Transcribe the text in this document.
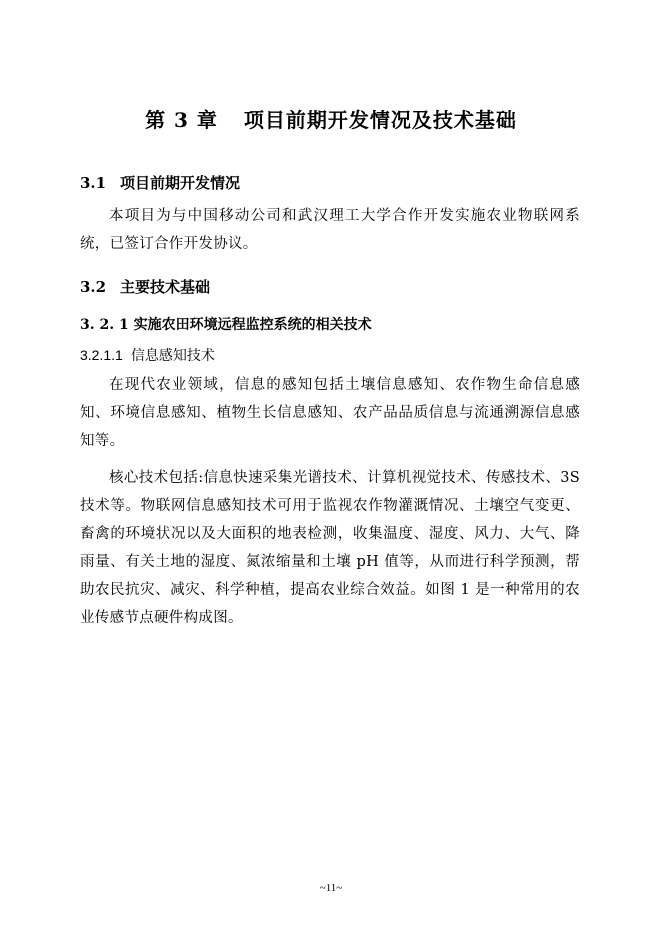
第 3 章 项目前期开发情况及技术基础
3.1 项目前期开发情况
本项目为与中国移动公司和武汉理工大学合作开发实施农业物联网系统，已签订合作开发协议。
3.2 主要技术基础
3. 2. 1 实施农田环境远程监控系统的相关技术
3.2.1.1 信息感知技术
在现代农业领域，信息的感知包括土壤信息感知、农作物生命信息感知、环境信息感知、植物生长信息感知、农产品品质信息与流通溯源信息感知等。
核心技术包括:信息快速采集光谱技术、计算机视觉技术、传感技术、3S 技术等。物联网信息感知技术可用于监视农作物灌溉情况、土壤空气变更、畜禽的环境状况以及大面积的地表检测，收集温度、湿度、风力、大气、降雨量、有关土地的湿度、氮浓缩量和土壤 pH 值等，从而进行科学预测，帮助农民抗灾、减灾、科学种植，提高农业综合效益。如图 1 是一种常用的农业传感节点硬件构成图。
~11~
